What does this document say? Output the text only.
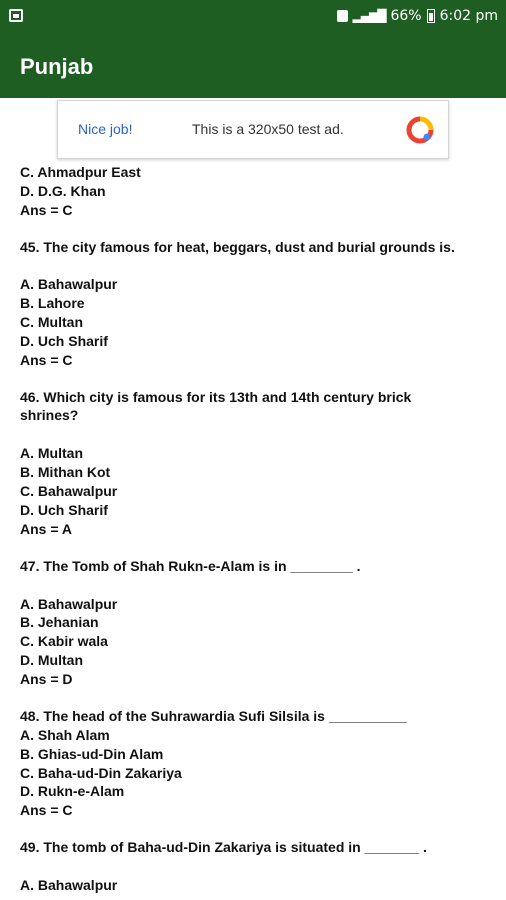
C. Ahmadpur East
D. D.G. Khan
Ans = C
45. The city famous for heat, beggars, dust and burial grounds is.
A. Bahawalpur
B. Lahore
C. Multan
D. Uch Sharif
Ans = C
46. Which city is famous for its 13th and 14th century brick
shrines?
A. Multan
B. Mithan Kot
C. Bahawalpur
D. Uch Sharif
Ans = A
47. The Tomb of Shah Rukn-e-Alam is in ________ .
A. Bahawalpur
B. Jehanian
C. Kabir wala
D. Multan
Ans = D
48. The head of the Suhrawardia Sufi Silsila is __________
A. Shah Alam
B. Ghias-ud-Din Alam
C. Baha-ud-Din Zakariya
D. Rukn-e-Alam
Ans = C
49. The tomb of Baha-ud-Din Zakariya is situated in _______ .
A. Bahawalpur
▂▄▆█ 66% 6:02 pm
Punjab
Nice job!	This is a 320x50 test ad.
